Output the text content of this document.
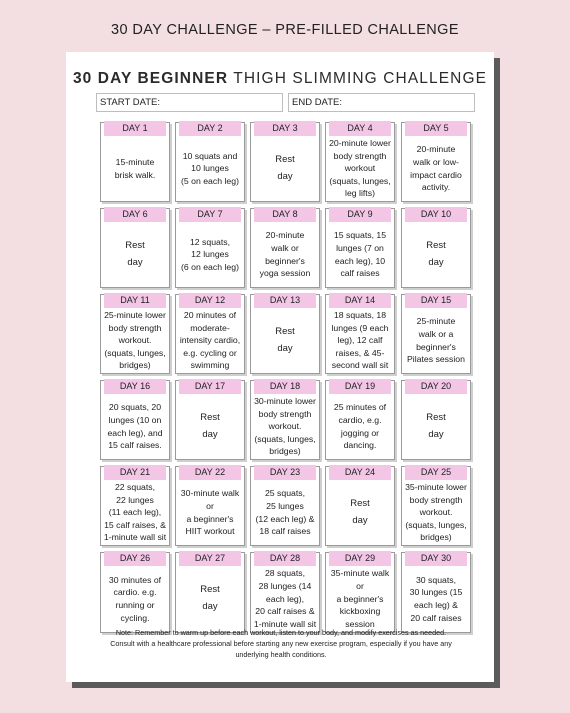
30 DAY CHALLENGE – PRE-FILLED CHALLENGE
30 DAY BEGINNER THIGH SLIMMING CHALLENGE
START DATE:	END DATE:
DAY 1
15-minute
brisk walk.
DAY 2
10 squats and
10 lunges
(5 on each leg)
DAY 3
Rest
day
DAY 4
20-minute lower
body strength
workout
(squats, lunges,
leg lifts)
DAY 5
20-minute
walk or low-
impact cardio
activity.
DAY 6
Rest
day
DAY 7
12 squats,
12 lunges
(6 on each leg)
DAY 8
20-minute
walk or
beginner's
yoga session
DAY 9
15 squats, 15
lunges (7 on
each leg), 10
calf raises
DAY 10
Rest
day
DAY 11
25-minute lower
body strength
workout.
(squats, lunges,
bridges)
DAY 12
20 minutes of
moderate-
intensity cardio,
e.g. cycling or
swimming
DAY 13
Rest
day
DAY 14
18 squats, 18
lunges (9 each
leg), 12 calf
raises, & 45-
second wall sit
DAY 15
25-minute
walk or a
beginner's
Pilates session
DAY 16
20 squats, 20
lunges (10 on
each leg), and
15 calf raises.
DAY 17
Rest
day
DAY 18
30-minute lower
body strength
workout.
(squats, lunges,
bridges)
DAY 19
25 minutes of
cardio, e.g.
jogging or
dancing.
DAY 20
Rest
day
DAY 21
22 squats,
22 lunges
(11 each leg),
15 calf raises, &
1-minute wall sit
DAY 22
30-minute walk
or
a beginner's
HIIT workout
DAY 23
25 squats,
25 lunges
(12 each leg) &
18 calf raises
DAY 24
Rest
day
DAY 25
35-minute lower
body strength
workout.
(squats, lunges,
bridges)
DAY 26
30 minutes of
cardio. e.g.
running or
cycling.
DAY 27
Rest
day
DAY 28
28 squats,
28 lunges (14
each leg),
20 calf raises &
1-minute wall sit
DAY 29
35-minute walk
or
a beginner's
kickboxing
session
DAY 30
30 squats,
30 lunges (15
each leg) &
20 calf raises
Note: Remember to warm up before each workout, listen to your body, and modify exercises as needed. Consult with a healthcare professional before starting any new exercise program, especially if you have any underlying health conditions.
